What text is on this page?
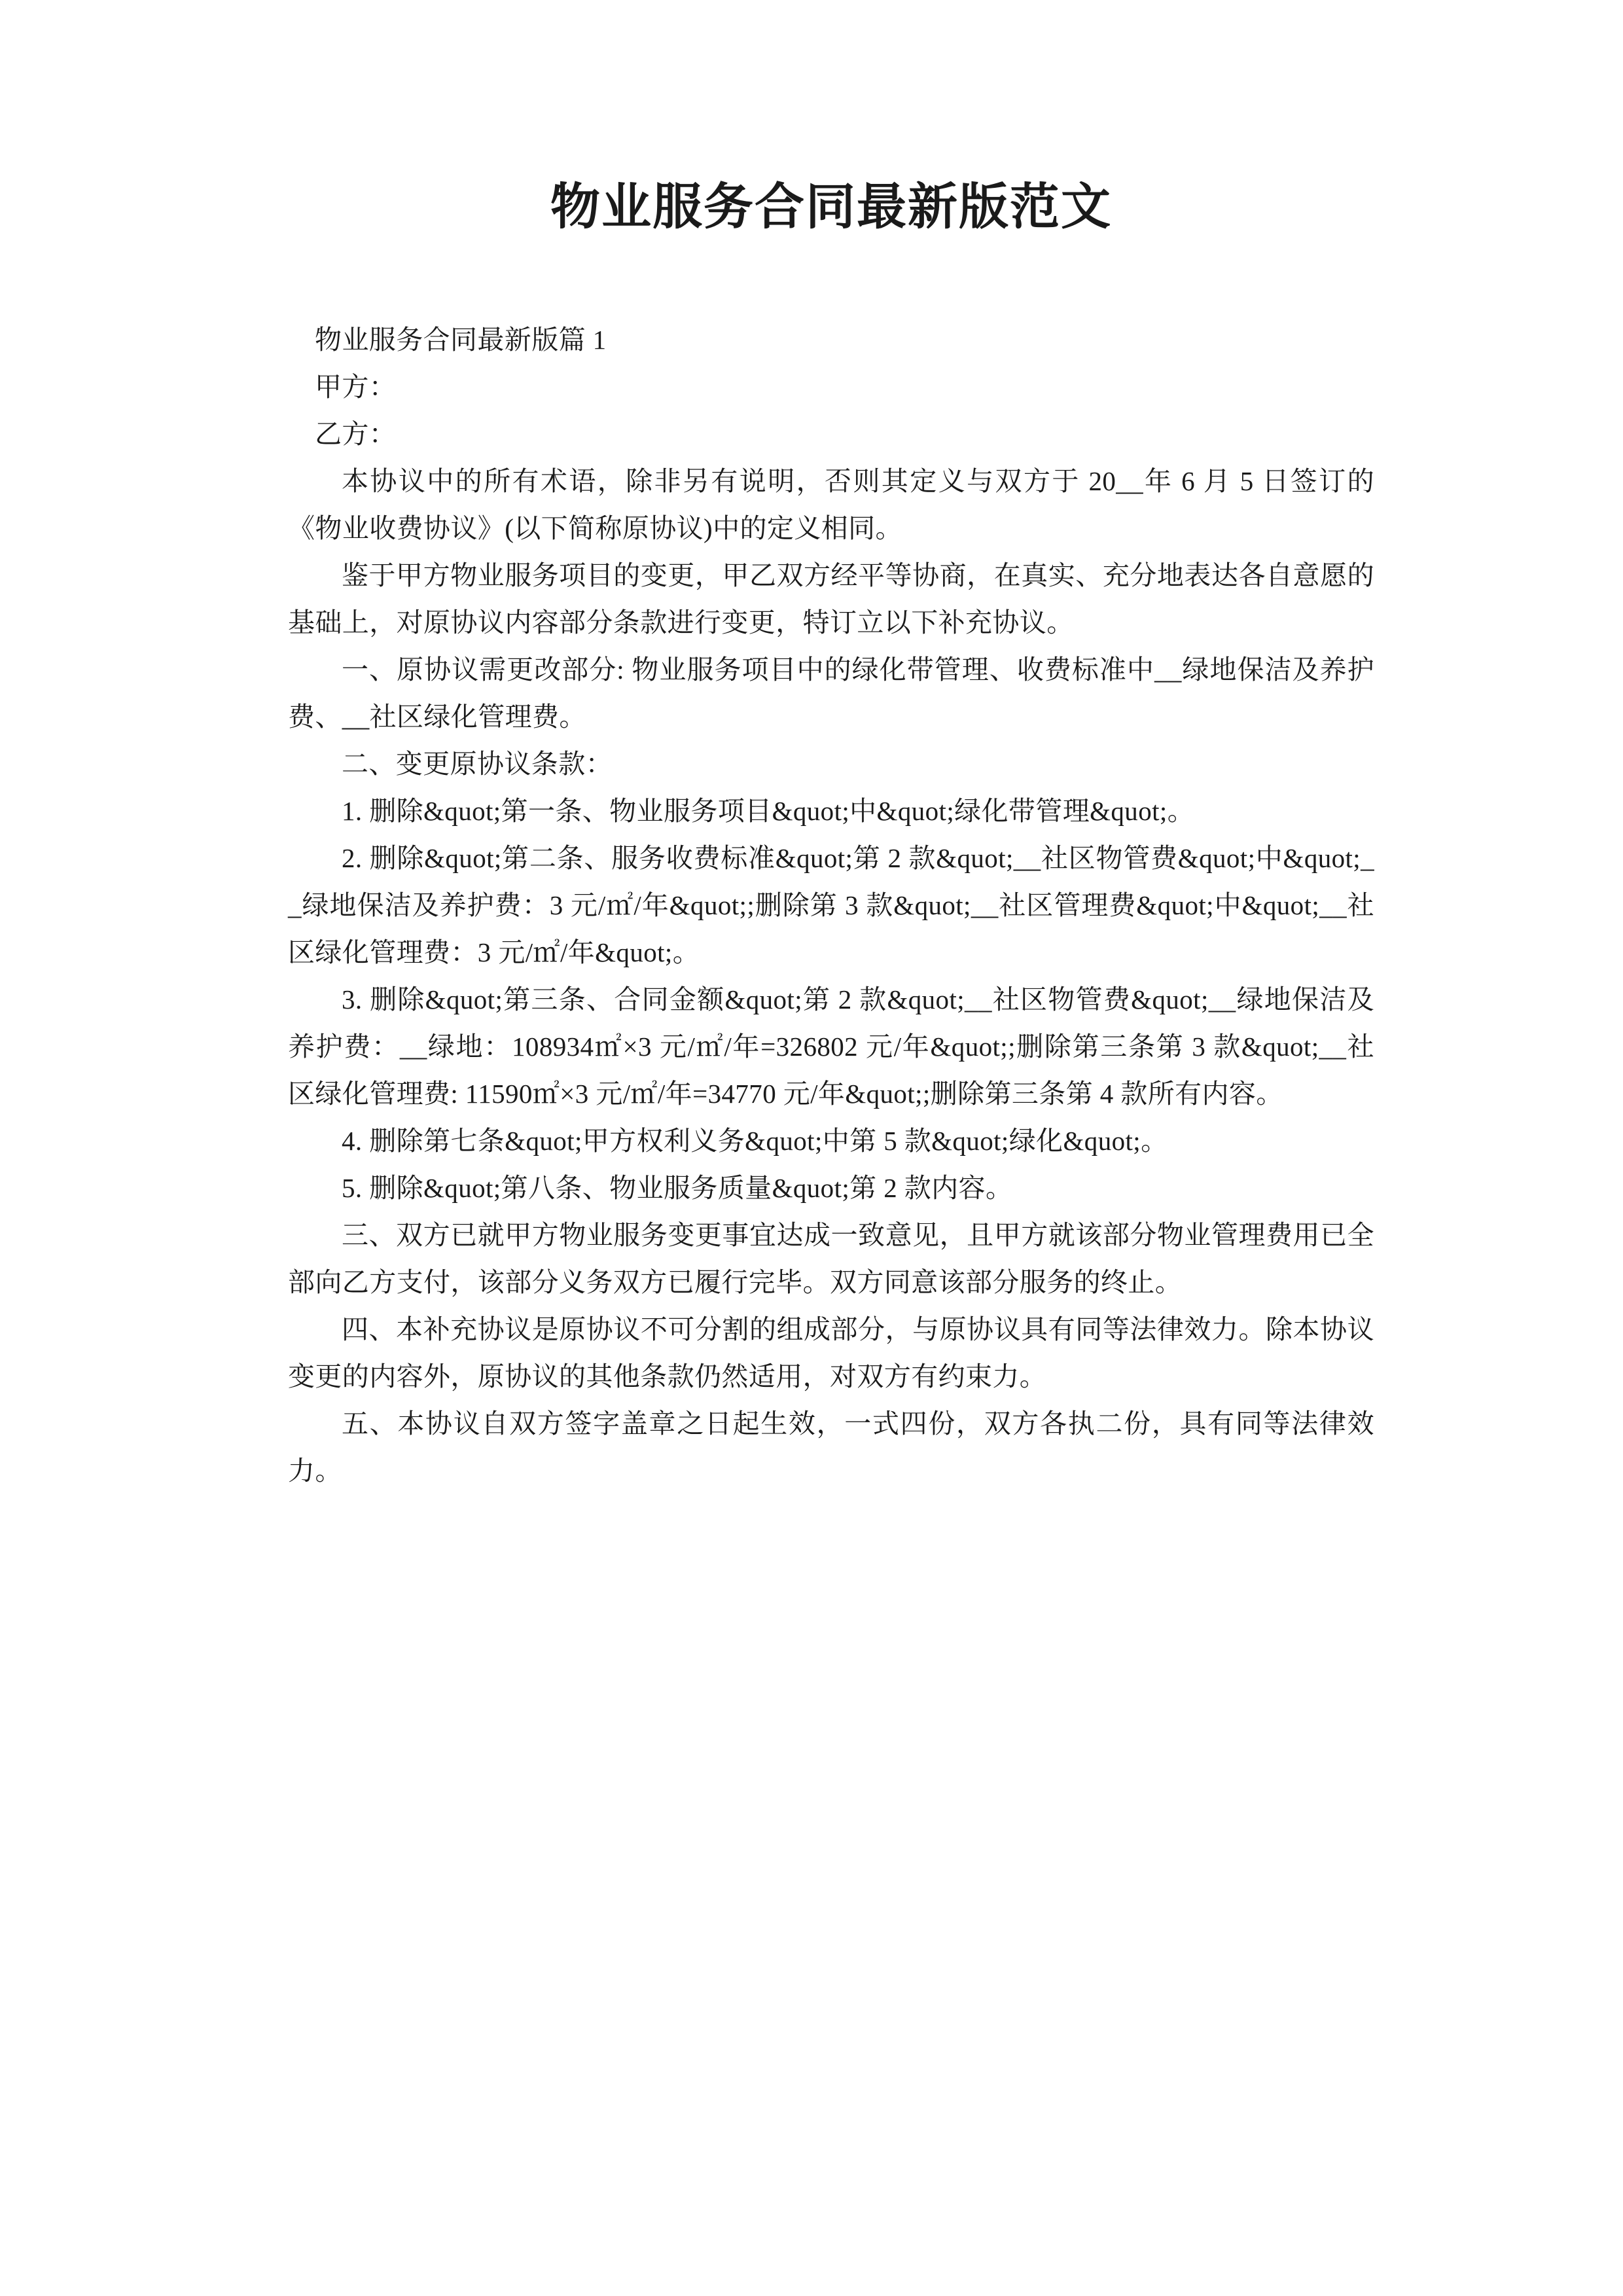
物业服务合同最新版范文

物业服务合同最新版篇 1

甲方：

乙方：

本协议中的所有术语，除非另有说明，否则其定义与双方于 20__年 6 月 5 日签订的《物业收费协议》(以下简称原协议)中的定义相同。

鉴于甲方物业服务项目的变更，甲乙双方经平等协商，在真实、充分地表达各自意愿的基础上，对原协议内容部分条款进行变更，特订立以下补充协议。

一、原协议需更改部分: 物业服务项目中的绿化带管理、收费标准中__绿地保洁及养护费、__社区绿化管理费。

二、变更原协议条款：

1. 删除&quot;第一条、物业服务项目&quot;中&quot;绿化带管理&quot;。

2. 删除&quot;第二条、服务收费标准&quot;第 2 款&quot;__社区物管费&quot;中&quot;__绿地保洁及养护费：3 元/㎡/年&quot;;删除第 3 款&quot;__社区管理费&quot;中&quot;__社区绿化管理费：3 元/㎡/年&quot;。

3. 删除&quot;第三条、合同金额&quot;第 2 款&quot;__社区物管费&quot;__绿地保洁及养护费：__绿地：108934㎡×3 元/㎡/年=326802 元/年&quot;;删除第三条第 3 款&quot;__社区绿化管理费: 11590㎡×3 元/㎡/年=34770 元/年&quot;;删除第三条第 4 款所有内容。

4. 删除第七条&quot;甲方权利义务&quot;中第 5 款&quot;绿化&quot;。

5. 删除&quot;第八条、物业服务质量&quot;第 2 款内容。

三、双方已就甲方物业服务变更事宜达成一致意见，且甲方就该部分物业管理费用已全部向乙方支付，该部分义务双方已履行完毕。双方同意该部分服务的终止。

四、本补充协议是原协议不可分割的组成部分，与原协议具有同等法律效力。除本协议变更的内容外，原协议的其他条款仍然适用，对双方有约束力。

五、本协议自双方签字盖章之日起生效，一式四份，双方各执二份，具有同等法律效力。
